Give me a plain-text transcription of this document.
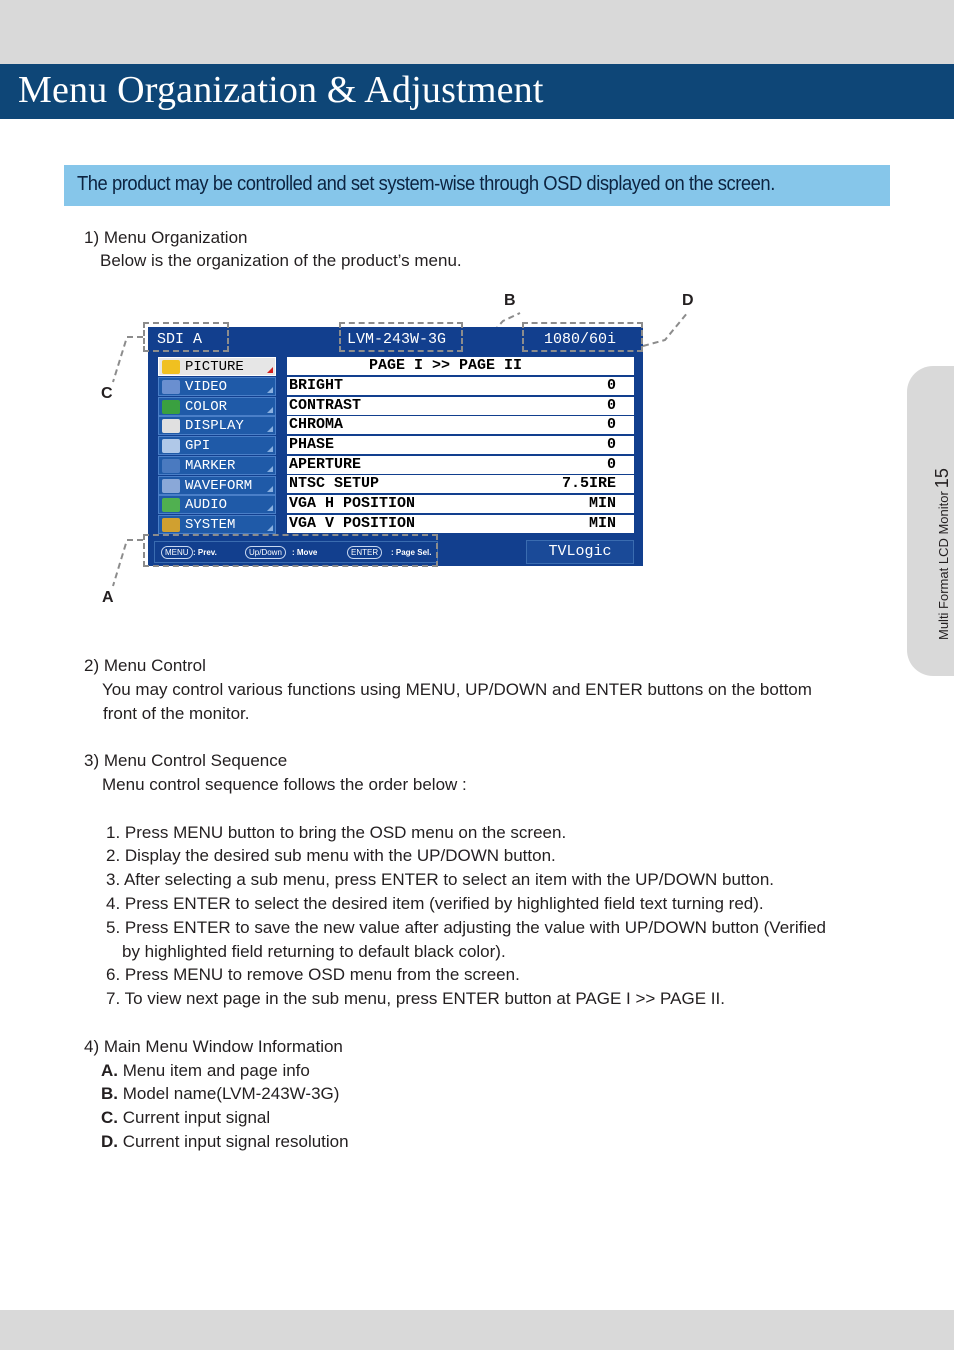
Menu Organization & Adjustment

The product may be controlled and set system-wise through OSD displayed on the screen.

Multi Format LCD Monitor15
1) Menu Organization
Below is the organization of the product’s menu.
B	D
C
A
SDI A	LVM-243W-3G	1080/60i
PICTURE
VIDEO
COLOR
DISPLAY
GPI
MARKER
WAVEFORM
AUDIO
SYSTEM
PAGE I >> PAGE II
BRIGHT	0
CONTRAST	0
CHROMA	0
PHASE	0
APERTURE	0
NTSC SETUP	7.5IRE
VGA H POSITION	MIN
VGA V POSITION	MIN
MENU : Prev.	Up/Down	: Move	ENTER	: Page Sel.	TVLogic
2) Menu Control
You may control various functions using MENU, UP/DOWN and ENTER buttons on the bottom
front of the monitor.
3) Menu Control Sequence
Menu control sequence follows the order below :
1. Press MENU button to bring the OSD menu on the screen.
2. Display the desired sub menu with the UP/DOWN button.
3. After selecting a sub menu, press ENTER to select an item with the UP/DOWN button.
4. Press ENTER to select the desired item (verified by highlighted field text turning red).
5. Press ENTER to save the new value after adjusting the value with UP/DOWN button (Verified
by highlighted field returning to default black color).
6. Press MENU to remove OSD menu from the screen.
7. To view next page in the sub menu, press ENTER button at PAGE I >> PAGE II.
4) Main Menu Window Information
A. Menu item and page info
B. Model name(LVM-243W-3G)
C. Current input signal
D. Current input signal resolution
